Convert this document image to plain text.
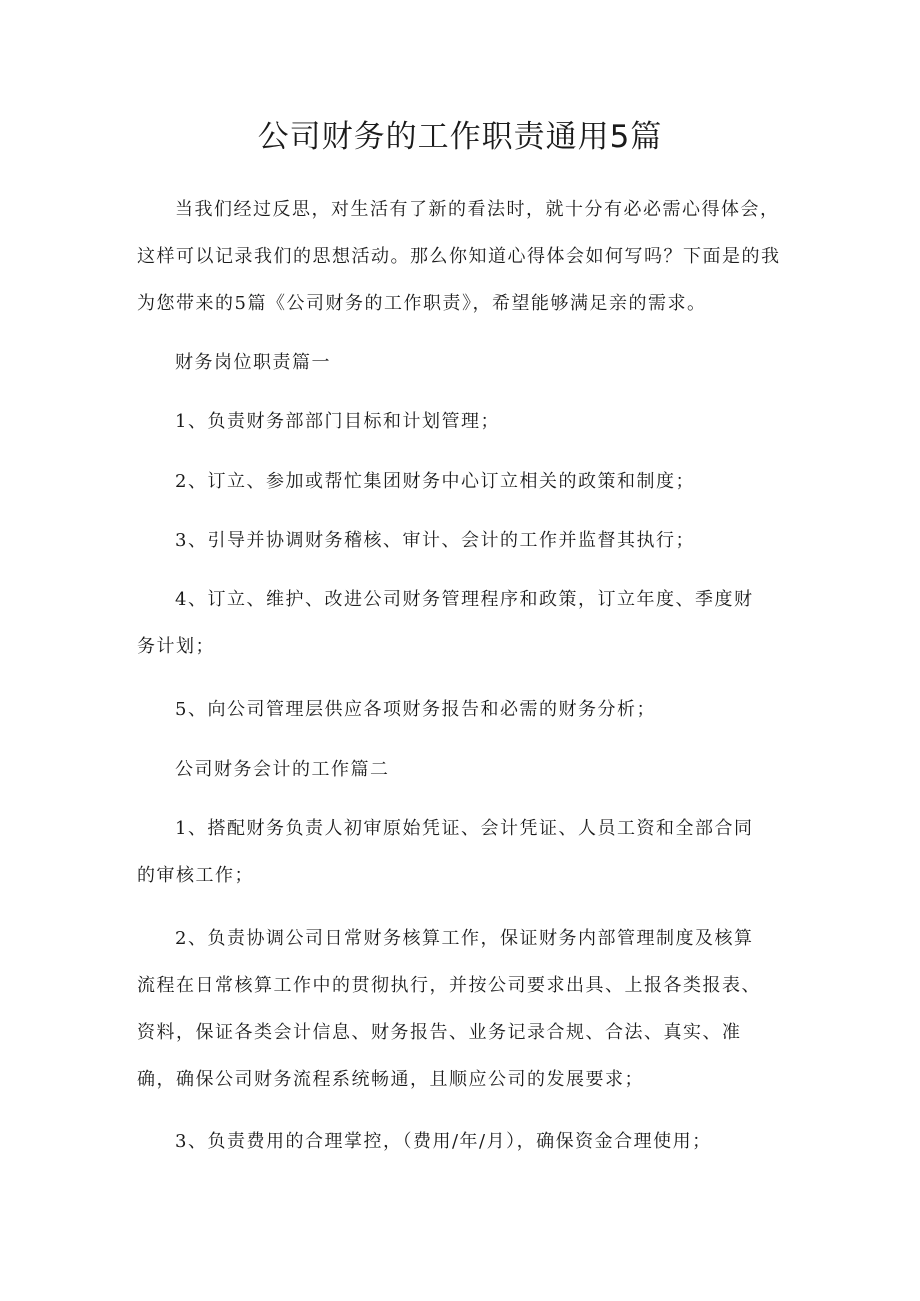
公司财务的工作职责通用5篇

当我们经过反思，对生活有了新的看法时，就十分有必必需心得体会，
这样可以记录我们的思想活动。那么你知道心得体会如何写吗？下面是的我
为您带来的5篇《公司财务的工作职责》，希望能够满足亲的需求。

财务岗位职责篇一

1、负责财务部部门目标和计划管理；

2、订立、参加或帮忙集团财务中心订立相关的政策和制度；

3、引导并协调财务稽核、审计、会计的工作并监督其执行；

4、订立、维护、改进公司财务管理程序和政策，订立年度、季度财
务计划；

5、向公司管理层供应各项财务报告和必需的财务分析；

公司财务会计的工作篇二

1、搭配财务负责人初审原始凭证、会计凭证、人员工资和全部合同
的审核工作；

2、负责协调公司日常财务核算工作，保证财务内部管理制度及核算
流程在日常核算工作中的贯彻执行，并按公司要求出具、上报各类报表、
资料，保证各类会计信息、财务报告、业务记录合规、合法、真实、准
确，确保公司财务流程系统畅通，且顺应公司的发展要求；

3、负责费用的合理掌控，（费用/年/月），确保资金合理使用；
